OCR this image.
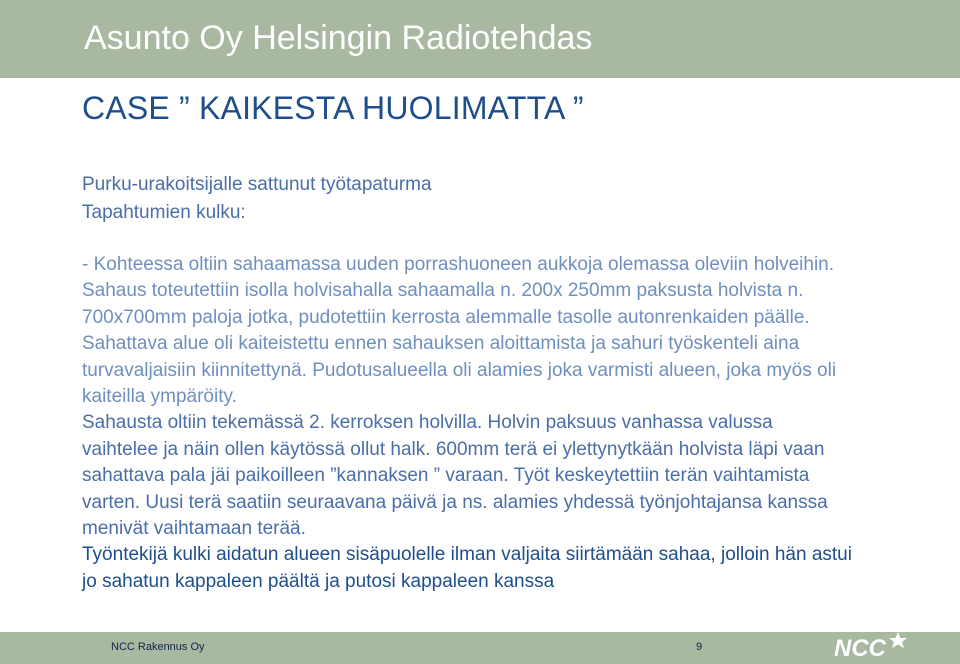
Asunto Oy Helsingin Radiotehdas
CASE ” KAIKESTA HUOLIMATTA ”
Purku-urakoitsijalle sattunut työtapaturma
Tapahtumien kulku:
- Kohteessa oltiin sahaamassa uuden porrashuoneen aukkoja olemassa oleviin holveihin. Sahaus toteutettiin isolla holvisahalla sahaamalla n. 200x 250mm paksusta holvista n. 700x700mm paloja jotka, pudotettiin kerrosta alemmalle tasolle autonrenkaiden päälle. Sahattava alue oli kaiteistettu ennen sahauksen aloittamista ja sahuri työskenteli aina turvavaljaisiin kiinnitettynä. Pudotusalueella oli alamies joka varmisti alueen, joka myös oli kaiteilla ympäröity.
Sahausta oltiin tekemässä 2. kerroksen holvilla. Holvin paksuus vanhassa valussa vaihtelee ja näin ollen käytössä ollut halk. 600mm terä ei ylettynytkään holvista läpi vaan sahattava pala jäi paikoilleen ”kannaksen ” varaan. Työt keskeytettiin terän vaihtamista varten. Uusi terä saatiin seuraavana päivä ja ns. alamies yhdessä työnjohtajansa kanssa menivät vaihtamaan terää.
Työntekijä kulki aidatun alueen sisäpuolelle ilman valjaita siirtämään sahaa, jolloin hän astui jo sahatun kappaleen päältä ja putosi kappaleen kanssa
NCC Rakennus Oy	9	NCC
